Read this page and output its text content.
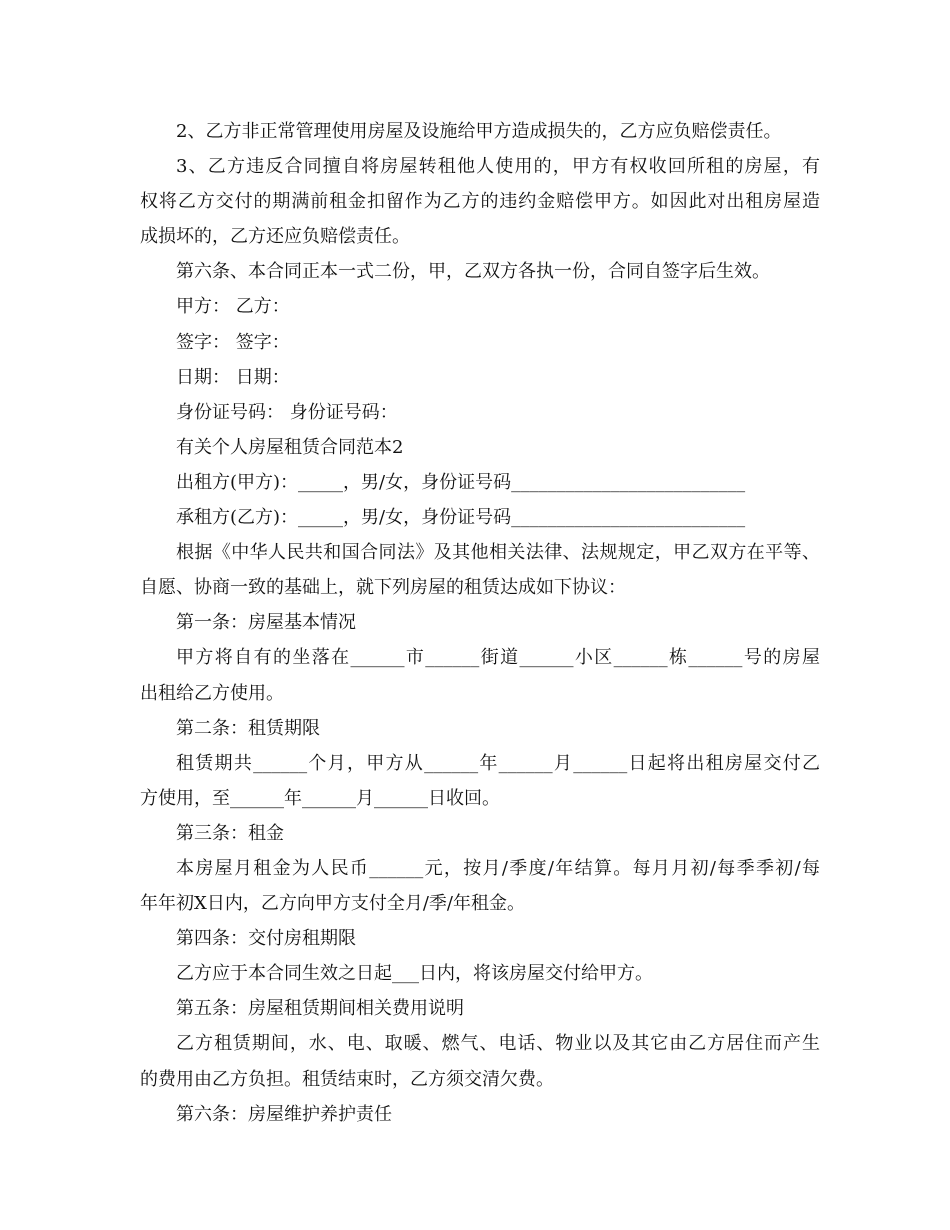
2、乙方非正常管理使用房屋及设施给甲方造成损失的，乙方应负赔偿责任。
3、乙方违反合同擅自将房屋转租他人使用的，甲方有权收回所租的房屋，有
权将乙方交付的期满前租金扣留作为乙方的违约金赔偿甲方。如因此对出租房屋造
成损坏的，乙方还应负赔偿责任。
第六条、本合同正本一式二份，甲，乙双方各执一份，合同自签字后生效。
甲方： 乙方：
签字： 签字：
日期： 日期：
身份证号码： 身份证号码：
有关个人房屋租赁合同范本2
出租方(甲方)：_____，男/女，身份证号码__________________________
承租方(乙方)：_____，男/女，身份证号码__________________________
根据《中华人民共和国合同法》及其他相关法律、法规规定，甲乙双方在平等、
自愿、协商一致的基础上，就下列房屋的租赁达成如下协议：
第一条：房屋基本情况
甲方将自有的坐落在______市______街道______小区______栋______号的房屋
出租给乙方使用。
第二条：租赁期限
租赁期共______个月，甲方从______年______月______日起将出租房屋交付乙
方使用，至______年______月______日收回。
第三条：租金
本房屋月租金为人民币______元，按月/季度/年结算。每月月初/每季季初/每
年年初X日内，乙方向甲方支付全月/季/年租金。
第四条：交付房租期限
乙方应于本合同生效之日起___日内，将该房屋交付给甲方。
第五条：房屋租赁期间相关费用说明
乙方租赁期间，水、电、取暖、燃气、电话、物业以及其它由乙方居住而产生
的费用由乙方负担。租赁结束时，乙方须交清欠费。
第六条：房屋维护养护责任
